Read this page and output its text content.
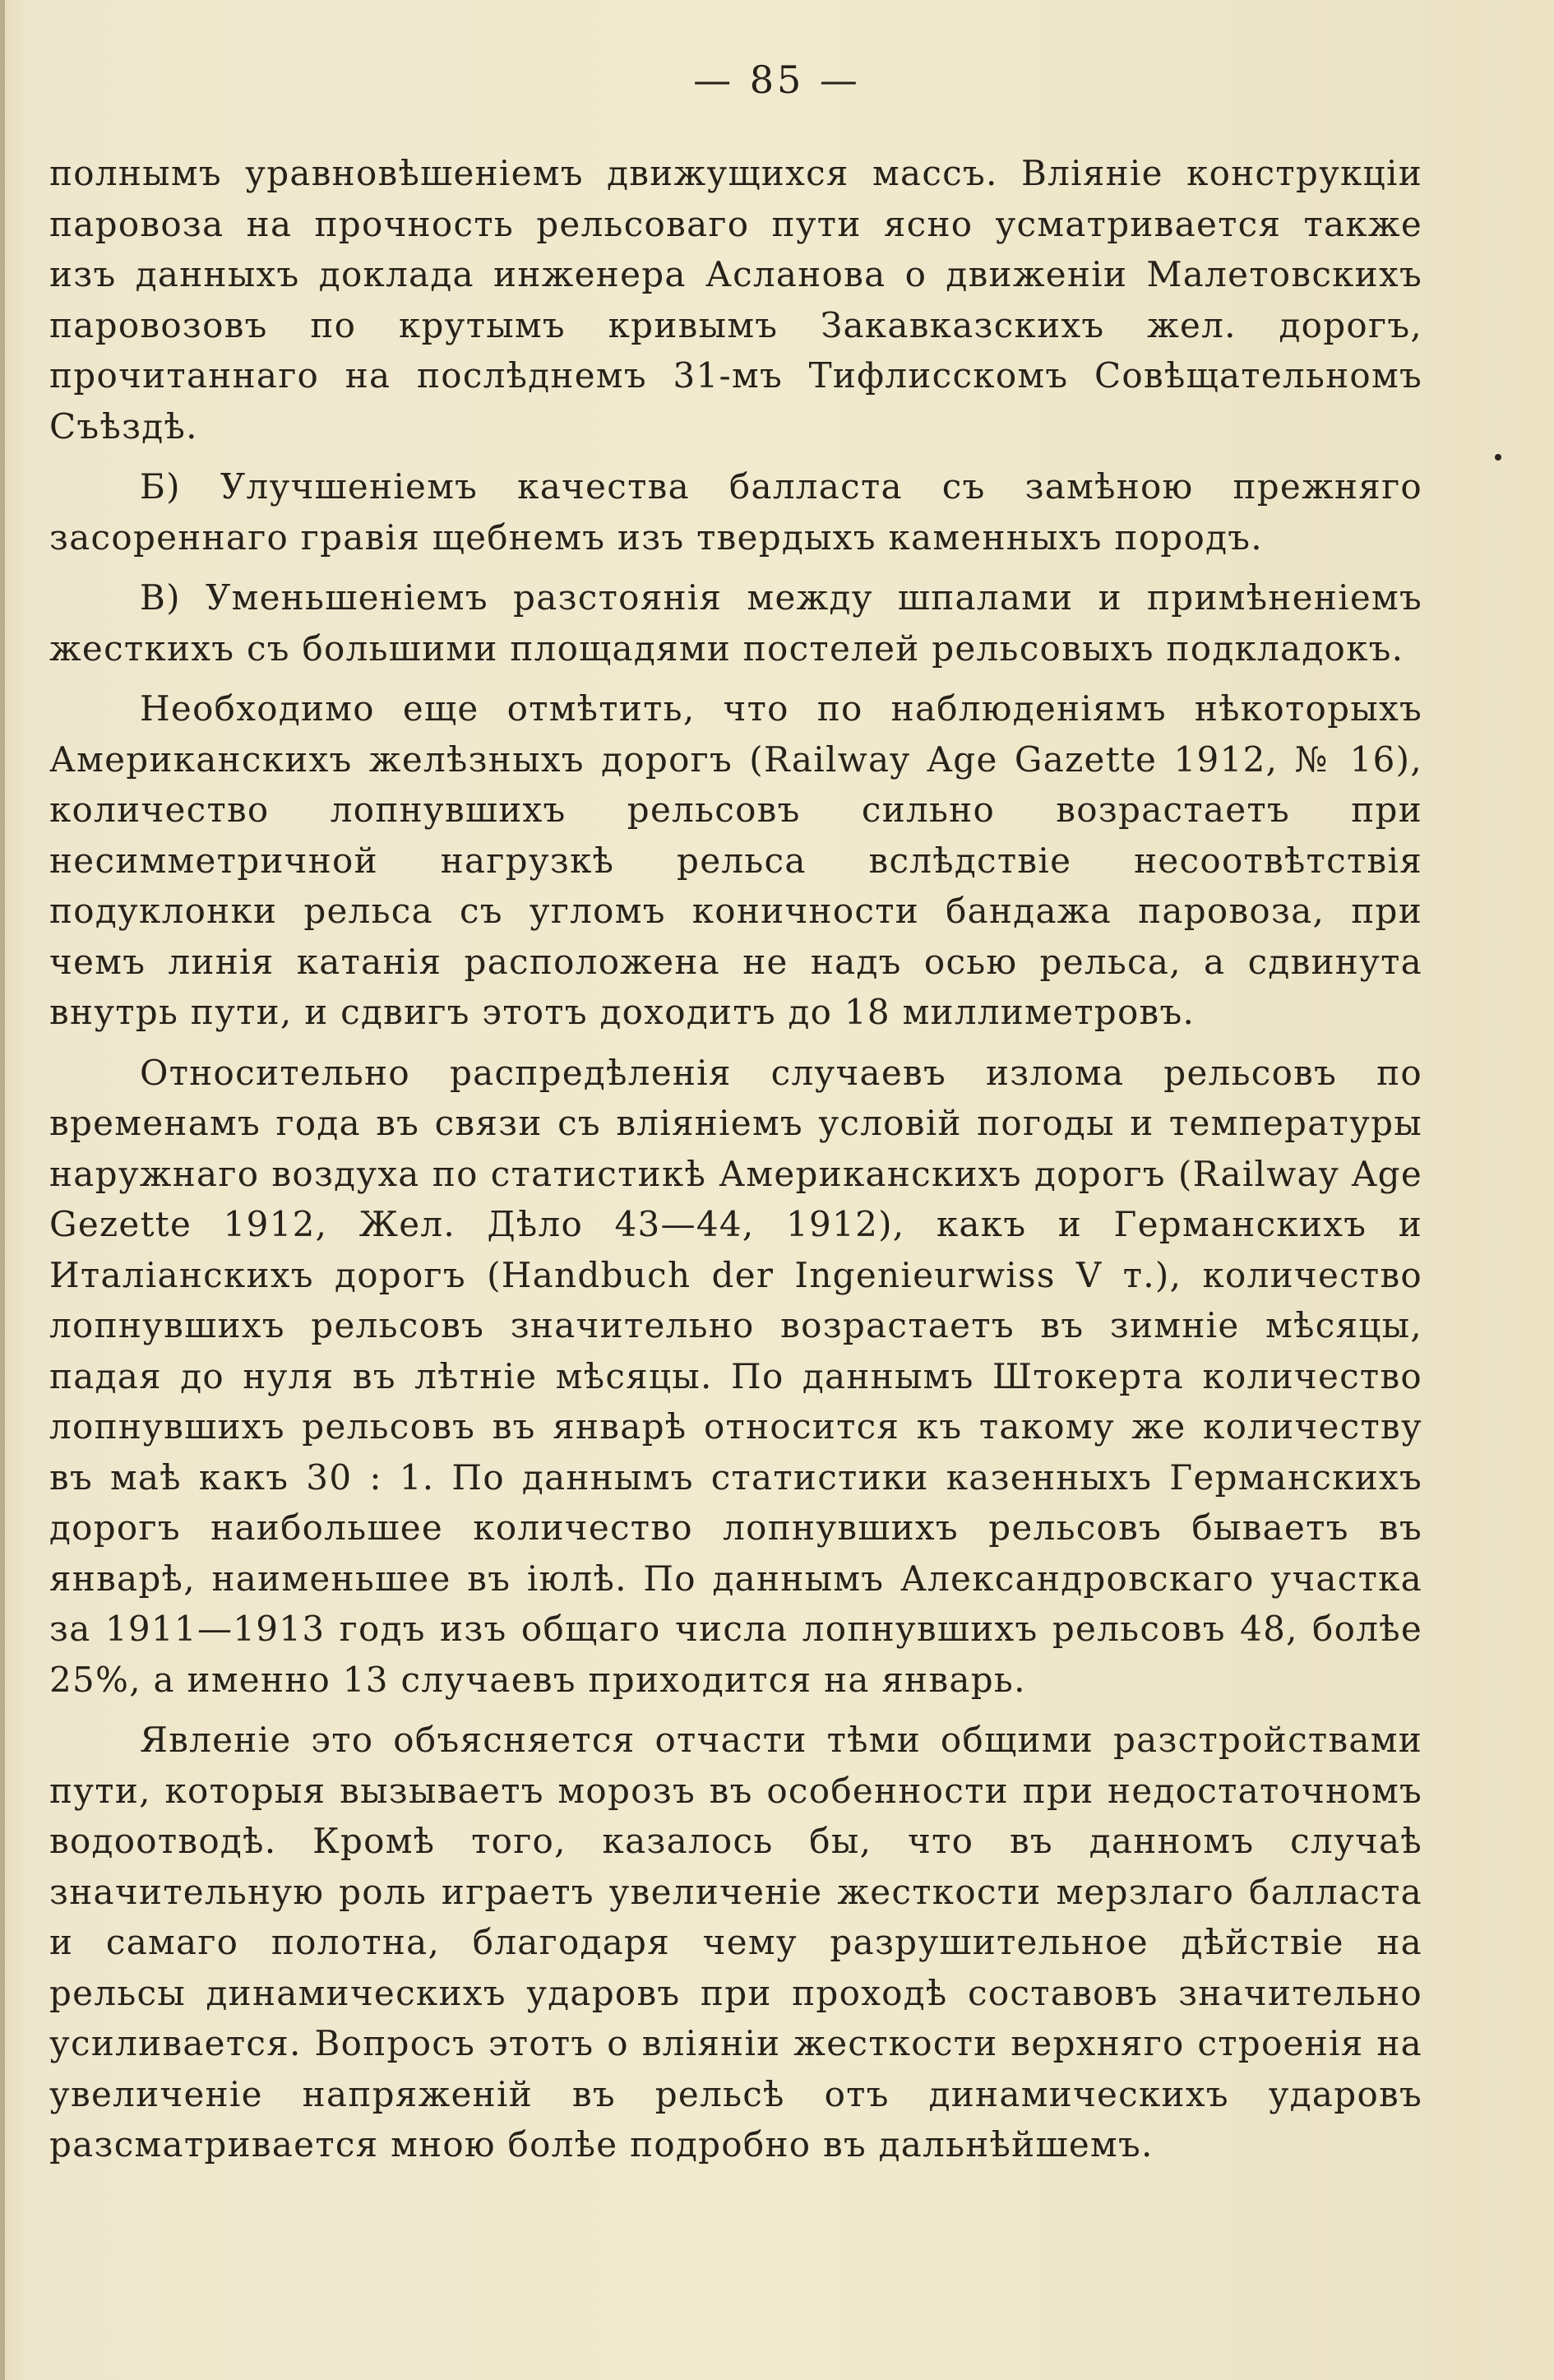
— 85 —

полнымъ уравновѣшеніемъ движущихся массъ. Вліяніе конструкціи паровоза на прочность рельсоваго пути ясно усматривается также изъ данныхъ доклада инженера Асланова о движеніи Малетовскихъ паровозовъ по крутымъ кривымъ Закавказскихъ жел. дорогъ, прочитаннаго на послѣднемъ 31-мъ Тифлисскомъ Совѣщательномъ Съѣздѣ.

Б) Улучшеніемъ качества балласта съ замѣною прежняго засореннаго гравія щебнемъ изъ твердыхъ каменныхъ породъ.

В) Уменьшеніемъ разстоянія между шпалами и примѣненіемъ жесткихъ съ большими площадями постелей рельсовыхъ подкладокъ.

Необходимо еще отмѣтить, что по наблюденіямъ нѣкоторыхъ Американскихъ желѣзныхъ дорогъ (Railway Age Gazette 1912, № 16), количество лопнувшихъ рельсовъ сильно возрастаетъ при несимметричной нагрузкѣ рельса вслѣдствіе несоотвѣтствія подуклонки рельса съ угломъ коничности бандажа паровоза, при чемъ линія катанія расположена не надъ осью рельса, а сдвинута внутрь пути, и сдвигъ этотъ доходитъ до 18 миллиметровъ.

Относительно распредѣленія случаевъ излома рельсовъ по временамъ года въ связи съ вліяніемъ условій погоды и температуры наружнаго воздуха по статистикѣ Американскихъ дорогъ (Railway Age Gezette 1912, Жел. Дѣло 43—44, 1912), какъ и Германскихъ и Италіанскихъ дорогъ (Handbuch der Ingenieurwiss V т.), количество лопнувшихъ рельсовъ значительно возрастаетъ въ зимніе мѣсяцы, падая до нуля въ лѣтніе мѣсяцы. По даннымъ Штокерта количество лопнувшихъ рельсовъ въ январѣ относится къ такому же количеству въ маѣ какъ 30 : 1. По даннымъ статистики казенныхъ Германскихъ дорогъ наибольшее количество лопнувшихъ рельсовъ бываетъ въ январѣ, наименьшее въ іюлѣ. По даннымъ Александровскаго участка за 1911—1913 годъ изъ общаго числа лопнувшихъ рельсовъ 48, болѣе 25%, а именно 13 случаевъ приходится на январь.

Явленіе это объясняется отчасти тѣми общими разстройствами пути, которыя вызываетъ морозъ въ особенности при недостаточномъ водоотводѣ. Кромѣ того, казалось бы, что въ данномъ случаѣ значительную роль играетъ увеличеніе жесткости мерзлаго балласта и самаго полотна, благодаря чему разрушительное дѣйствіе на рельсы динамическихъ ударовъ при проходѣ составовъ значительно усиливается. Вопросъ этотъ о вліяніи жесткости верхняго строенія на увеличеніе напряженій въ рельсѣ отъ динамическихъ ударовъ разсматривается мною болѣе подробно въ дальнѣйшемъ.
